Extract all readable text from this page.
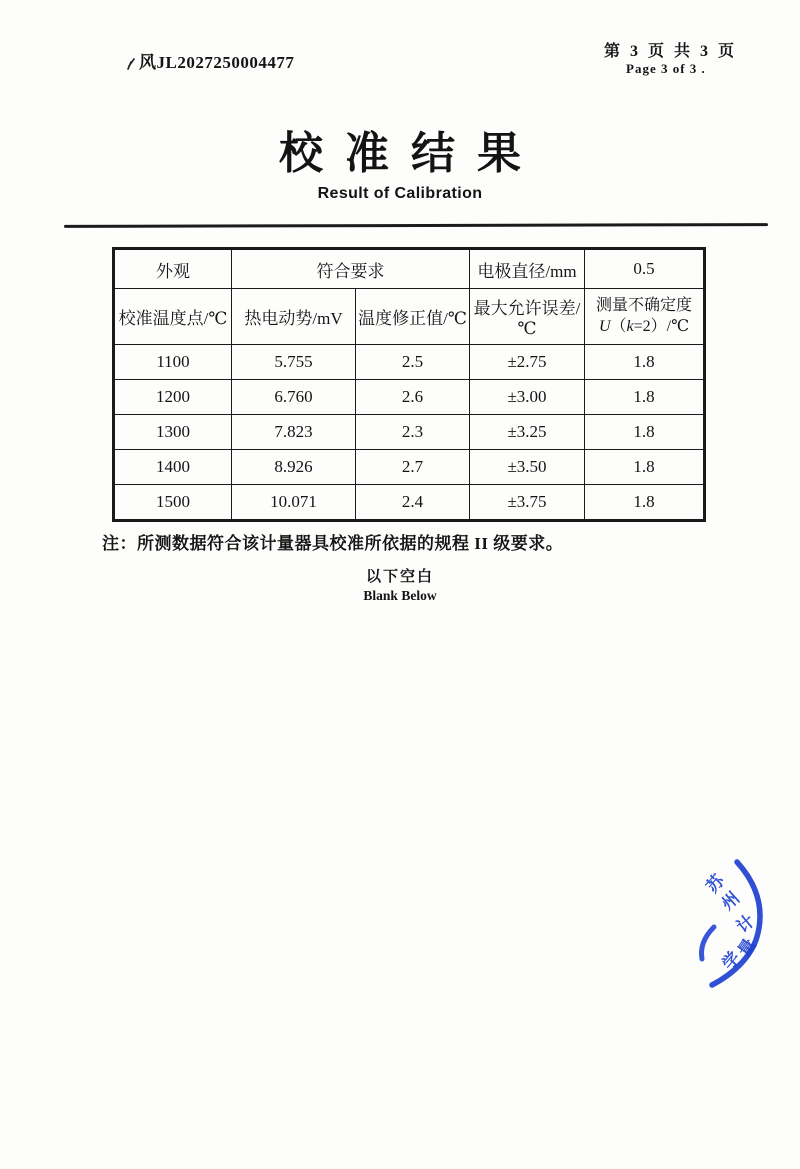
风JL2027250004477
第 3 页 共 3 页
Page 3 of 3 .
校准结果
Result of Calibration
外观	符合要求		电极直径/mm	0.5
校准温度点/℃	热电动势/mV	温度修正值/℃	最大允许误差/℃	测量不确定度
U（k=2）/℃

1100	5.755	2.5	±2.75	1.8
1200	6.760	2.6	±3.00	1.8
1300	7.823	2.3	±3.25	1.8
1400	8.926	2.7	±3.50	1.8
1500	10.071	2.4	±3.75	1.8
注：所测数据符合该计量器具校准所依据的规程 II 级要求。
以下空白
Blank Below
苏
州
计
量
学
